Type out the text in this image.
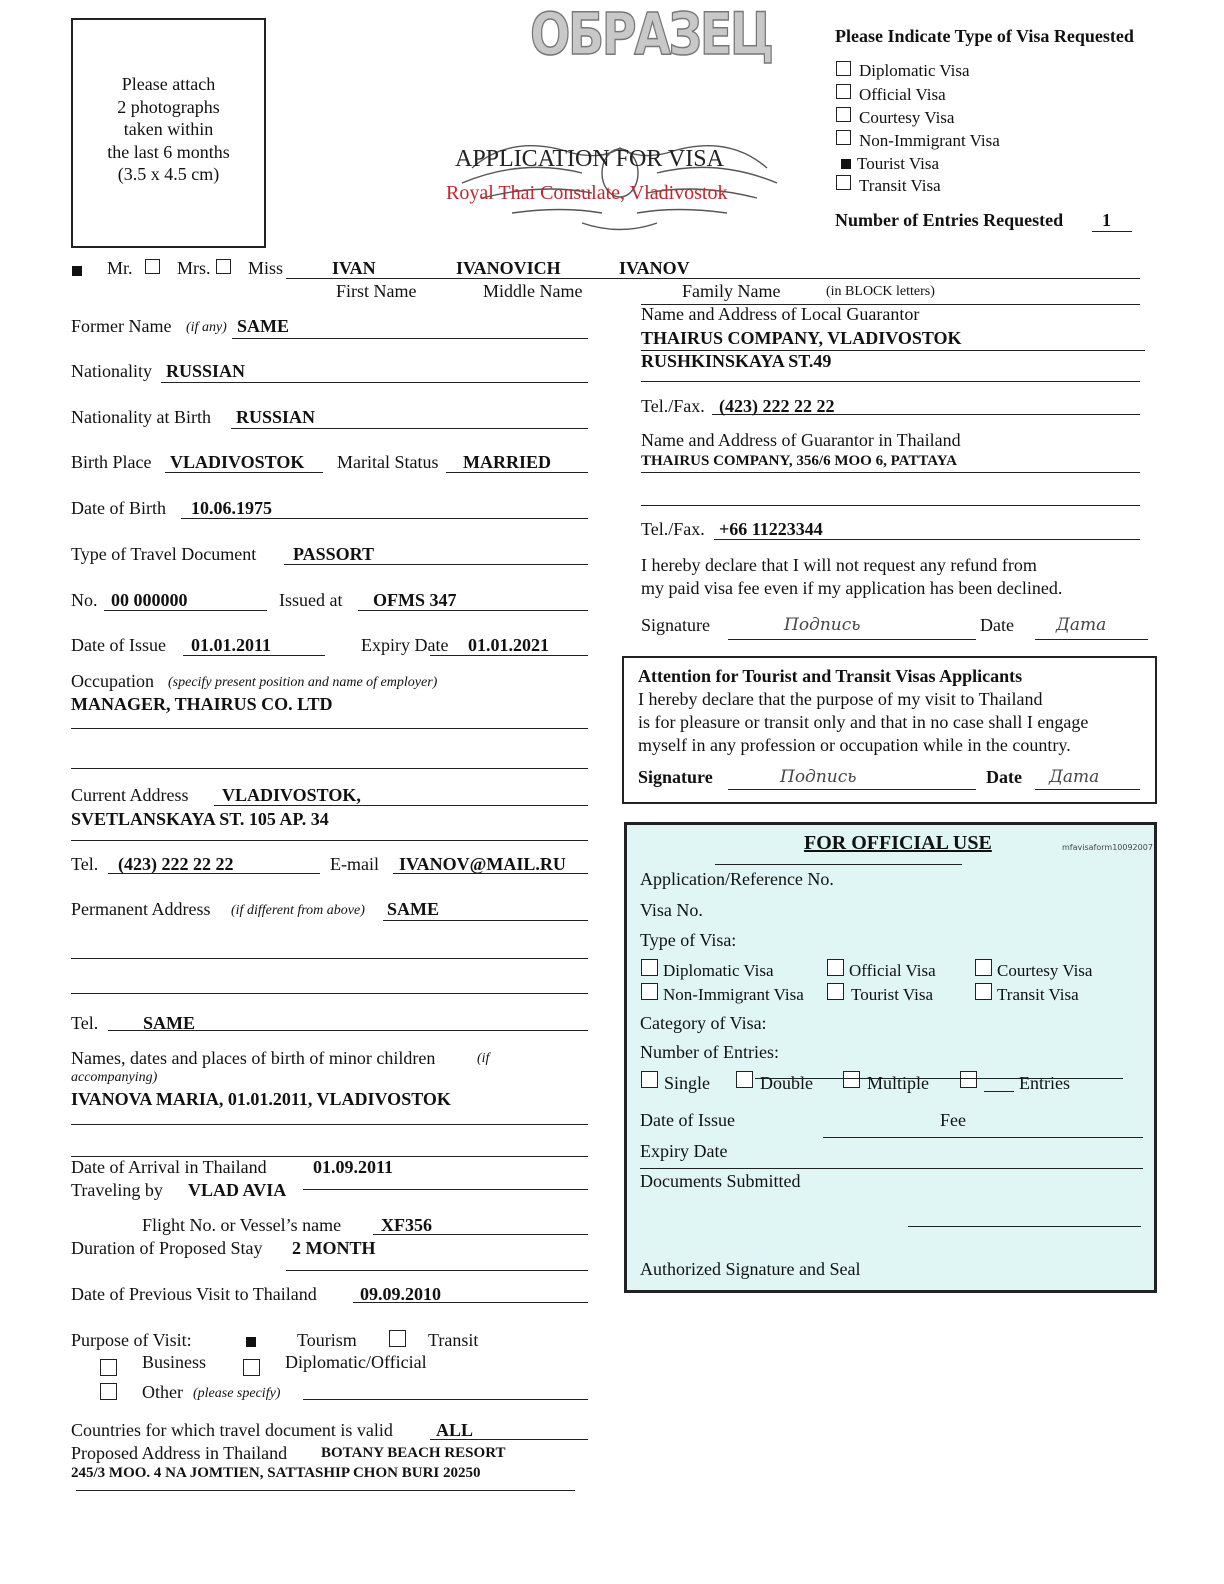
Please attach
2 photographs
taken within
the last 6 months
(3.5 x 4.5 cm)
ОБРАЗЕЦ
APPLICATION FOR VISA
Royal Thai Consulate, Vladivostok
Please Indicate Type of Visa Requested
Diplomatic Visa
Official Visa
Courtesy Visa
Non-Immigrant Visa
Tourist Visa
Transit Visa
Number of Entries Requested 1
Mr. Mrs. Miss	IVAN	IVANOVICH	IVANOV
First Name	Middle Name	Family Name	(in BLOCK letters)
Former Name (if any) SAME
Nationality RUSSIAN
Nationality at Birth RUSSIAN
Birth Place VLADIVOSTOK Marital Status MARRIED
Date of Birth 10.06.1975
Type of Travel Document PASSORT
No. 00 000000	Issued at OFMS 347
Date of Issue 01.01.2011	Expiry Date 01.01.2021
Occupation (specify present position and name of employer)
MANAGER, THAIRUS CO. LTD
Current Address VLADIVOSTOK,
SVETLANSKAYA ST. 105 AP. 34
Tel. (423) 222 22 22	E-mail IVANOV@MAIL.RU
Permanent Address (if different from above) SAME
Tel. SAME
Names, dates and places of birth of minor children	(if
accompanying)
IVANOVA MARIA, 01.01.2011, VLADIVOSTOK
Date of Arrival in Thailand	01.09.2011
Traveling by VLAD AVIA
Flight No. or Vessel’s name XF356
Duration of Proposed Stay 2 MONTH
Date of Previous Visit to Thailand 09.09.2010
Purpose of Visit:	Tourism	Transit
Business	Diplomatic/Official
Other (please specify)
Countries for which travel document is valid ALL
Proposed Address in Thailand BOTANY BEACH RESORT
245/3 MOO. 4 NA JOMTIEN, SATTASHIP CHON BURI 20250
Name and Address of Local Guarantor
THAIRUS COMPANY, VLADIVOSTOK
RUSHKINSKAYA ST.49
Tel./Fax. (423) 222 22 22
Name and Address of Guarantor in Thailand
THAIRUS COMPANY, 356/6 MOO 6, PATTAYA
Tel./Fax. +66 11223344
I hereby declare that I will not request any refund from
my paid visa fee even if my application has been declined.
Signature	Подпись	Date Дата
Attention for Tourist and Transit Visas Applicants
I hereby declare that the purpose of my visit to Thailand
is for pleasure or transit only and that in no case shall I engage
myself in any profession or occupation while in the country.
Signature	Подпись	Date Дата
FOR OFFICIAL USE	mfavisaform10092007
Application/Reference No.
Visa No.
Type of Visa:
Diplomatic Visa	Official Visa	Courtesy Visa
Non-Immigrant Visa	Tourist Visa	Transit Visa
Category of Visa:
Number of Entries:
Single	Double	Multiple	Entries
Date of Issue	Fee
Expiry Date
Documents Submitted
Authorized Signature and Seal
